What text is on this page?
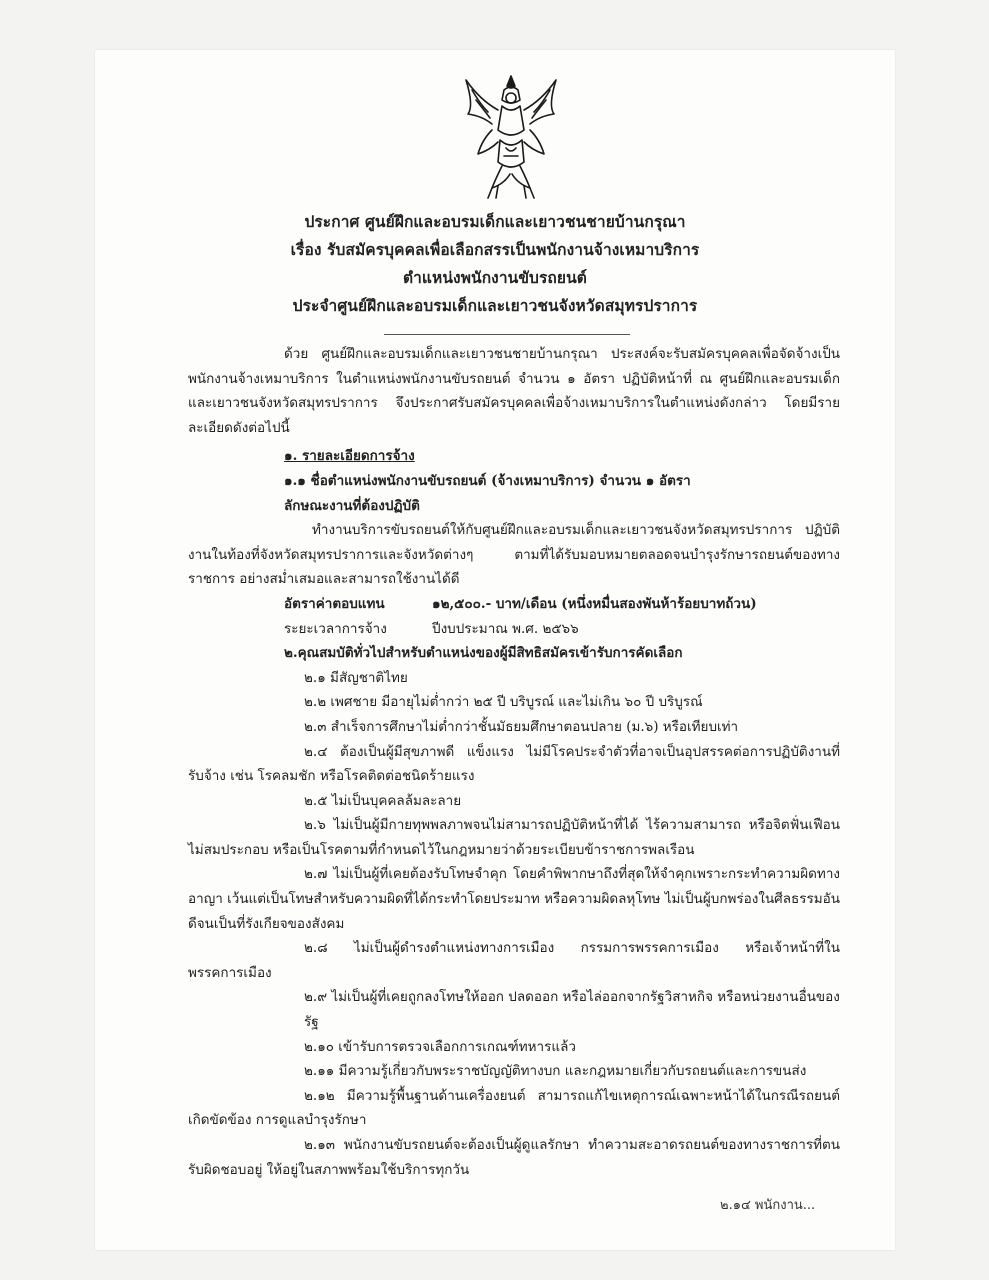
ประกาศ ศูนย์ฝึกและอบรมเด็กและเยาวชนชายบ้านกรุณา
เรื่อง รับสมัครบุคคลเพื่อเลือกสรรเป็นพนักงานจ้างเหมาบริการ
ตำแหน่งพนักงานขับรถยนต์
ประจำศูนย์ฝึกและอบรมเด็กและเยาวชนจังหวัดสมุทรปราการ

ด้วย ศูนย์ฝึกและอบรมเด็กและเยาวชนชายบ้านกรุณา ประสงค์จะรับสมัครบุคคลเพื่อจัดจ้างเป็นพนักงานจ้างเหมาบริการ ในตำแหน่งพนักงานขับรถยนต์ จำนวน ๑ อัตรา ปฏิบัติหน้าที่ ณ ศูนย์ฝึกและอบรมเด็กและเยาวชนจังหวัดสมุทรปราการ จึงประกาศรับสมัครบุคคลเพื่อจ้างเหมาบริการในตำแหน่งดังกล่าว โดยมีรายละเอียดดังต่อไปนี้

๑. รายละเอียดการจ้าง

๑.๑ ชื่อตำแหน่งพนักงานขับรถยนต์ (จ้างเหมาบริการ) จำนวน ๑ อัตรา

ลักษณะงานที่ต้องปฏิบัติ

ทำงานบริการขับรถยนต์ให้กับศูนย์ฝึกและอบรมเด็กและเยาวชนจังหวัดสมุทรปราการ ปฏิบัติงานในท้องที่จังหวัดสมุทรปราการและจังหวัดต่างๆ ตามที่ได้รับมอบหมายตลอดจนบำรุงรักษารถยนต์ของทางราชการ อย่างสม่ำเสมอและสามารถใช้งานได้ดี

อัตราค่าตอบแทน	๑๒,๕๐๐.- บาท/เดือน (หนึ่งหมื่นสองพันห้าร้อยบาทถ้วน)
ระยะเวลาการจ้าง	ปีงบประมาณ พ.ศ. ๒๕๖๖

๒.คุณสมบัติทั่วไปสำหรับตำแหน่งของผู้มีสิทธิสมัครเข้ารับการคัดเลือก

๒.๑ มีสัญชาติไทย

๒.๒ เพศชาย มีอายุไม่ต่ำกว่า ๒๕ ปี บริบูรณ์ และไม่เกิน ๖๐ ปี บริบูรณ์

๒.๓ สำเร็จการศึกษาไม่ต่ำกว่าชั้นมัธยมศึกษาตอนปลาย (ม.๖) หรือเทียบเท่า

๒.๔ ต้องเป็นผู้มีสุขภาพดี แข็งแรง ไม่มีโรคประจำตัวที่อาจเป็นอุปสรรคต่อการปฏิบัติงานที่รับจ้าง เช่น โรคลมชัก หรือโรคติดต่อชนิดร้ายแรง

๒.๕ ไม่เป็นบุคคลล้มละลาย

๒.๖ ไม่เป็นผู้มีกายทุพพลภาพจนไม่สามารถปฏิบัติหน้าที่ได้ ไร้ความสามารถ หรือจิตฟั่นเฟือนไม่สมประกอบ หรือเป็นโรคตามที่กำหนดไว้ในกฎหมายว่าด้วยระเบียบข้าราชการพลเรือน

๒.๗ ไม่เป็นผู้ที่เคยต้องรับโทษจำคุก โดยคำพิพากษาถึงที่สุดให้จำคุกเพราะกระทำความผิดทางอาญา เว้นแต่เป็นโทษสำหรับความผิดที่ได้กระทำโดยประมาท หรือความผิดลหุโทษ ไม่เป็นผู้บกพร่องในศีลธรรมอันดีจนเป็นที่รังเกียจของสังคม

๒.๘ ไม่เป็นผู้ดำรงตำแหน่งทางการเมือง กรรมการพรรคการเมือง หรือเจ้าหน้าที่ในพรรคการเมือง

๒.๙ ไม่เป็นผู้ที่เคยถูกลงโทษให้ออก ปลดออก หรือไล่ออกจากรัฐวิสาหกิจ หรือหน่วยงานอื่นของรัฐ

๒.๑๐ เข้ารับการตรวจเลือกการเกณฑ์ทหารแล้ว

๒.๑๑ มีความรู้เกี่ยวกับพระราชบัญญัติทางบก และกฎหมายเกี่ยวกับรถยนต์และการขนส่ง

๒.๑๒ มีความรู้พื้นฐานด้านเครื่องยนต์ สามารถแก้ไขเหตุการณ์เฉพาะหน้าได้ในกรณีรถยนต์เกิดขัดข้อง การดูแลบำรุงรักษา

๒.๑๓ พนักงานขับรถยนต์จะต้องเป็นผู้ดูแลรักษา ทำความสะอาดรถยนต์ของทางราชการที่ตนรับผิดชอบอยู่ ให้อยู่ในสภาพพร้อมใช้บริการทุกวัน

๒.๑๔ พนักงาน...
